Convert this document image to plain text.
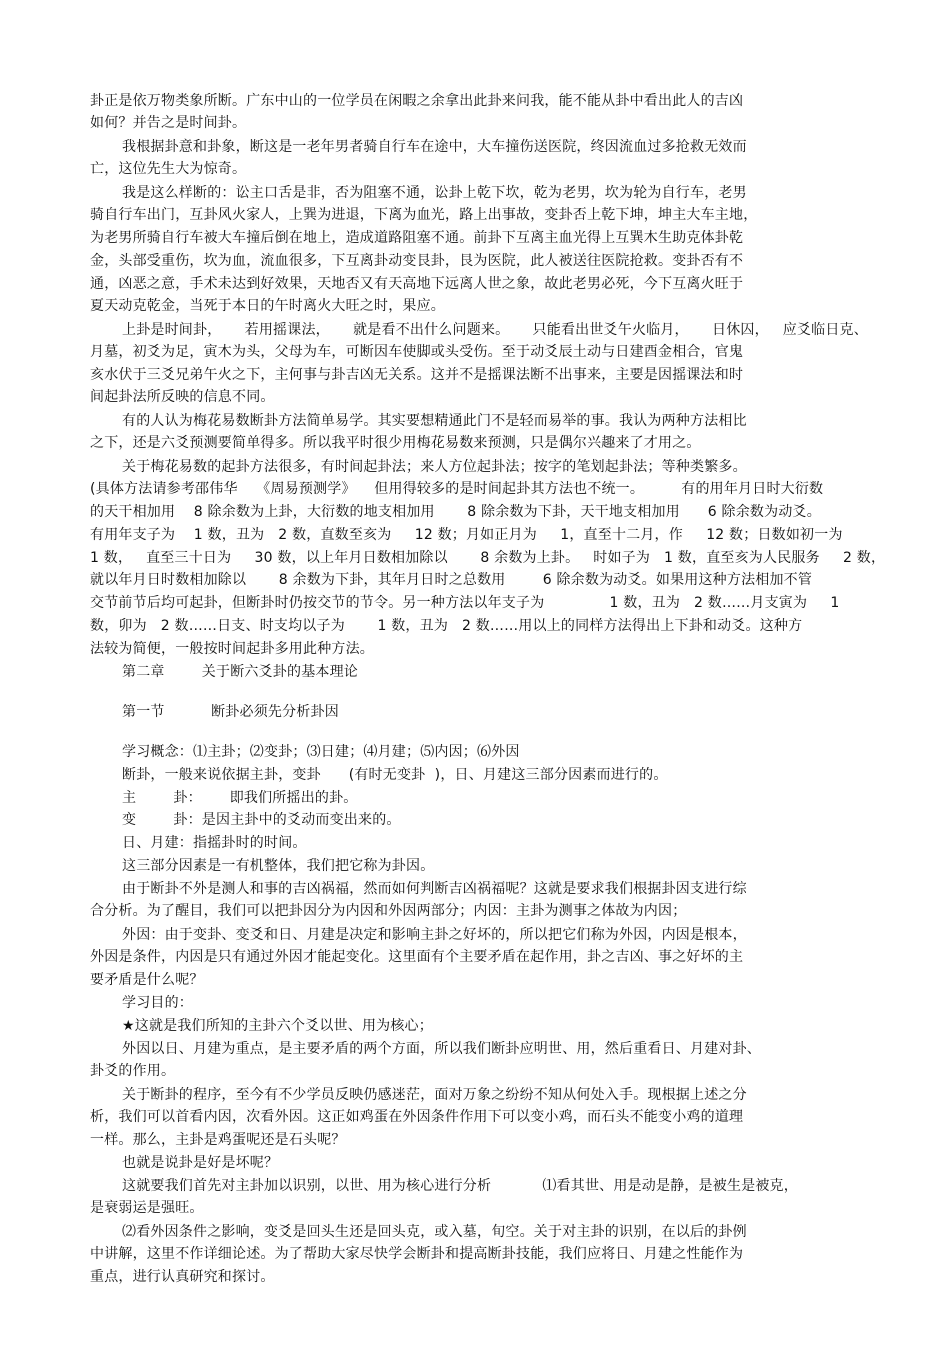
卦正是依万物类象所断。广东中山的一位学员在闲暇之余拿出此卦来问我，能不能从卦中看出此人的吉凶

如何？并告之是时间卦。

我根据卦意和卦象，断这是一老年男者骑自行车在途中，大车撞伤送医院，终因流血过多抢救无效而

亡，这位先生大为惊奇。

我是这么样断的：讼主口舌是非，否为阻塞不通，讼卦上乾下坎，乾为老男，坎为轮为自行车，老男

骑自行车出门，互卦风火家人，上巽为进退，下离为血光，路上出事故，变卦否上乾下坤，坤主大车主地，

为老男所骑自行车被大车撞后倒在地上，造成道路阻塞不通。前卦下互离主血光得上互巽木生助克体卦乾

金，头部受重伤，坎为血，流血很多，下互离卦动变艮卦，艮为医院，此人被送往医院抢救。变卦否有不

通，凶恶之意，手术未达到好效果，天地否又有天高地下远离人世之象，故此老男必死，今下互离火旺于

夏天动克乾金，当死于本日的午时离火大旺之时，果应。

上卦是时间卦，     若用摇课法，     就是看不出什么问题来。     只能看出世爻午火临月，     日休囚，   应爻临日克、

月墓，初爻为足，寅木为头，父母为车，可断因车使脚或头受伤。至于动爻辰土动与日建酉金相合，官鬼

亥水伏于三爻兄弟午火之下，主何事与卦吉凶无关系。这并不是摇课法断不出事来，主要是因摇课法和时

间起卦法所反映的信息不同。

有的人认为梅花易数断卦方法简单易学。其实要想精通此门不是轻而易举的事。我认为两种方法相比

之下，还是六爻预测要简单得多。所以我平时很少用梅花易数来预测，只是偶尔兴趣来了才用之。

关于梅花易数的起卦方法很多，有时间起卦法；来人方位起卦法；按字的笔划起卦法；等种类繁多。

(具体方法请参考邵伟华    《周易预测学》    但用得较多的是时间起卦其方法也不统一。        有的用年月日时大衍数

的天干相加用    8 除余数为上卦，大衍数的地支相加用       8 除余数为下卦，天干地支相加用      6 除余数为动爻。

有用年支子为    1 数，丑为   2 数，直数至亥为     12 数；月如正月为     1，直至十二月，作     12 数；日数如初一为

1 数，   直至三十日为     30 数，以上年月日数相加除以       8 余数为上卦。   时如子为   1 数，直至亥为人民服务     2 数，

就以年月日时数相加除以       8 余数为下卦，其年月日时之总数用        6 除余数为动爻。如果用这种方法相加不管

交节前节后均可起卦，但断卦时仍按交节的节令。另一种方法以年支子为              1 数，丑为   2 数……月支寅为     1

数，卯为   2 数……日支、时支均以子为       1 数，丑为   2 数……用以上的同样方法得出上下卦和动爻。这种方

法较为简便，一般按时间起卦多用此种方法。

第二章        关于断六爻卦的基本理论

第一节          断卦必须先分析卦因

学习概念：⑴主卦；⑵变卦；⑶日建；⑷月建；⑸内因；⑹外因

断卦，一般来说依据主卦，变卦      (有时无变卦  )，日、月建这三部分因素而进行的。

主        卦：      即我们所摇出的卦。

变        卦：是因主卦中的爻动而变出来的。

日、月建：指摇卦时的时间。

这三部分因素是一有机整体，我们把它称为卦因。

由于断卦不外是测人和事的吉凶祸福，然而如何判断吉凶祸福呢？这就是要求我们根据卦因支进行综

合分析。为了醒目，我们可以把卦因分为内因和外因两部分；内因：主卦为测事之体故为内因；

外因：由于变卦、变爻和日、月建是决定和影响主卦之好坏的，所以把它们称为外因，内因是根本，

外因是条件，内因是只有通过外因才能起变化。这里面有个主要矛盾在起作用，卦之吉凶、事之好坏的主

要矛盾是什么呢？

学习目的：

★这就是我们所知的主卦六个爻以世、用为核心；

外因以日、月建为重点，是主要矛盾的两个方面，所以我们断卦应明世、用，然后重看日、月建对卦、

卦爻的作用。

关于断卦的程序，至今有不少学员反映仍感迷茫，面对万象之纷纷不知从何处入手。现根据上述之分

析，我们可以首看内因，次看外因。这正如鸡蛋在外因条件作用下可以变小鸡，而石头不能变小鸡的道理

一样。那么，主卦是鸡蛋呢还是石头呢？

也就是说卦是好是坏呢？

这就要我们首先对主卦加以识别，以世、用为核心进行分析           ⑴看其世、用是动是静，是被生是被克，

是衰弱运是强旺。

⑵看外因条件之影响，变爻是回头生还是回头克，或入墓，旬空。关于对主卦的识别，在以后的卦例

中讲解，这里不作详细论述。为了帮助大家尽快学会断卦和提高断卦技能，我们应将日、月建之性能作为

重点，进行认真研究和探讨。
